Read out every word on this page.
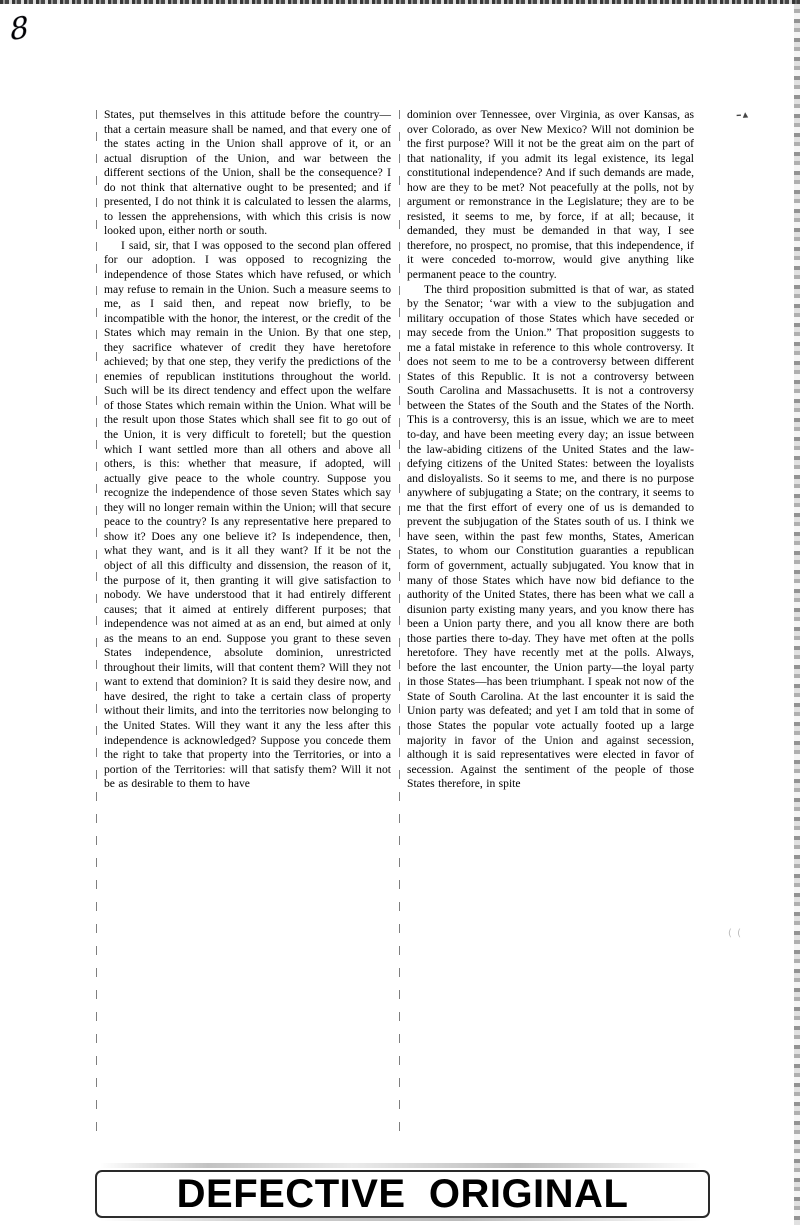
8

States, put themselves in this attitude before the country—that a certain measure shall be named, and that every one of the states acting in the Union shall approve of it, or an actual disruption of the Union, and war between the different sections of the Union, shall be the consequence? I do not think that alternative ought to be presented; and if presented, I do not think it is calculated to lessen the alarms, to lessen the apprehensions, with which this crisis is now looked upon, either north or south.

I said, sir, that I was opposed to the second plan offered for our adoption. I was opposed to recognizing the independence of those States which have refused, or which may refuse to remain in the Union. Such a measure seems to me, as I said then, and repeat now briefly, to be incompatible with the honor, the interest, or the credit of the States which may remain in the Union. By that one step, they sacrifice whatever of credit they have heretofore achieved; by that one step, they verify the predictions of the enemies of republican institutions throughout the world. Such will be its direct tendency and effect upon the welfare of those States which remain within the Union. What will be the result upon those States which shall see fit to go out of the Union, it is very difficult to foretell; but the question which I want settled more than all others and above all others, is this: whether that measure, if adopted, will actually give peace to the whole country. Suppose you recognize the independence of those seven States which say they will no longer remain within the Union; will that secure peace to the country? Is any representative here prepared to show it? Does any one believe it? Is independence, then, what they want, and is it all they want? If it be not the object of all this difficulty and dissension, the reason of it, the purpose of it, then granting it will give satisfaction to nobody. We have understood that it had entirely different causes; that it aimed at entirely different purposes; that independence was not aimed at as an end, but aimed at only as the means to an end. Suppose you grant to these seven States independence, absolute dominion, unrestricted throughout their limits, will that content them? Will they not want to extend that dominion? It is said they desire now, and have desired, the right to take a certain class of property without their limits, and into the territories now belonging to the United States. Will they want it any the less after this independence is acknowledged? Suppose you concede them the right to take that property into the Territories, or into a portion of the Territories: will that satisfy them? Will it not be as desirable to them to have

dominion over Tennessee, over Virginia, as over Kansas, as over Colorado, as over New Mexico? Will not dominion be the first purpose? Will it not be the great aim on the part of that nationality, if you admit its legal existence, its legal constitutional independence? And if such demands are made, how are they to be met? Not peacefully at the polls, not by argument or remonstrance in the Legislature; they are to be resisted, it seems to me, by force, if at all; because, it demanded, they must be demanded in that way, I see therefore, no prospect, no promise, that this independence, if it were conceded to-morrow, would give anything like permanent peace to the country.

The third proposition submitted is that of war, as stated by the Senator; ‘war with a view to the subjugation and military occupation of those States which have seceded or may secede from the Union.” That proposition suggests to me a fatal mistake in reference to this whole controversy. It does not seem to me to be a controversy between different States of this Republic. It is not a controversy between South Carolina and Massachusetts. It is not a controversy between the States of the South and the States of the North. This is a controversy, this is an issue, which we are to meet to-day, and have been meeting every day; an issue between the law-abiding citizens of the United States and the law-defying citizens of the United States: between the loyalists and disloyalists. So it seems to me, and there is no purpose anywhere of subjugating a State; on the contrary, it seems to me that the first effort of every one of us is demanded to prevent the subjugation of the States south of us. I think we have seen, within the past few months, States, American States, to whom our Constitution guaranties a republican form of government, actually subjugated. You know that in many of those States which have now bid defiance to the authority of the United States, there has been what we call a disunion party existing many years, and you know there has been a Union party there, and you all know there are both those parties there to-day. They have met often at the polls heretofore. They have recently met at the polls. Always, before the last encounter, the Union party—the loyal party in those States—has been triumphant. I speak not now of the State of South Carolina. At the last encounter it is said the Union party was defeated; and yet I am told that in some of those States the popular vote actually footed up a large majority in favor of the Union and against secession, although it is said representatives were elected in favor of secession. Against the sentiment of the people of those States therefore, in spite

–▴
( (
DEFECTIVE  ORIGINAL
